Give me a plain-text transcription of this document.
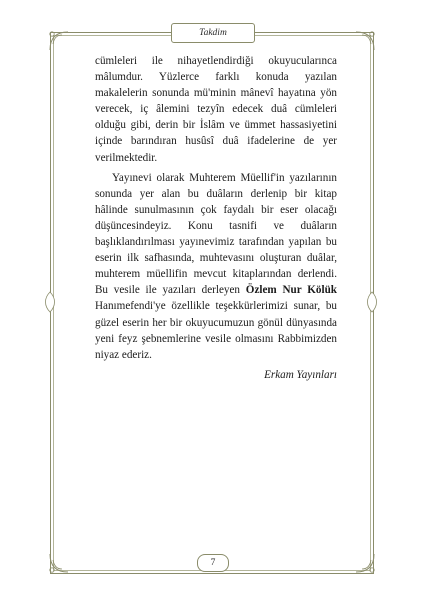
Takdim

cümleleri ile nihayetlendirdiği okuyucularınca mâlumdur. Yüzlerce farklı konuda yazılan makalelerin sonunda mü'minin mânevî hayatına yön verecek, iç âlemini tezyîn edecek duâ cümleleri olduğu gibi, derin bir İslâm ve ümmet hassasiyetini içinde barındıran husûsî duâ ifadelerine de yer verilmektedir.

Yayınevi olarak Muhterem Müellif'in yazılarının sonunda yer alan bu duâların derlenip bir kitap hâlinde sunulmasının çok faydalı bir eser olacağı düşüncesindeyiz. Konu tasnifi ve duâların başlıklandırılması yayınevimiz tarafından yapılan bu eserin ilk safhasında, muhtevasını oluşturan duâlar, muhterem müellifin mevcut kitaplarından derlendi. Bu vesile ile yazıları derleyen Özlem Nur Kölük Hanımefendi'ye özellikle teşekkürlerimizi sunar, bu güzel eserin her bir okuyucumuzun gönül dünyasında yeni feyz şebnemlerine vesile olmasını Rabbimizden niyaz ederiz.

Erkam Yayınları
7
